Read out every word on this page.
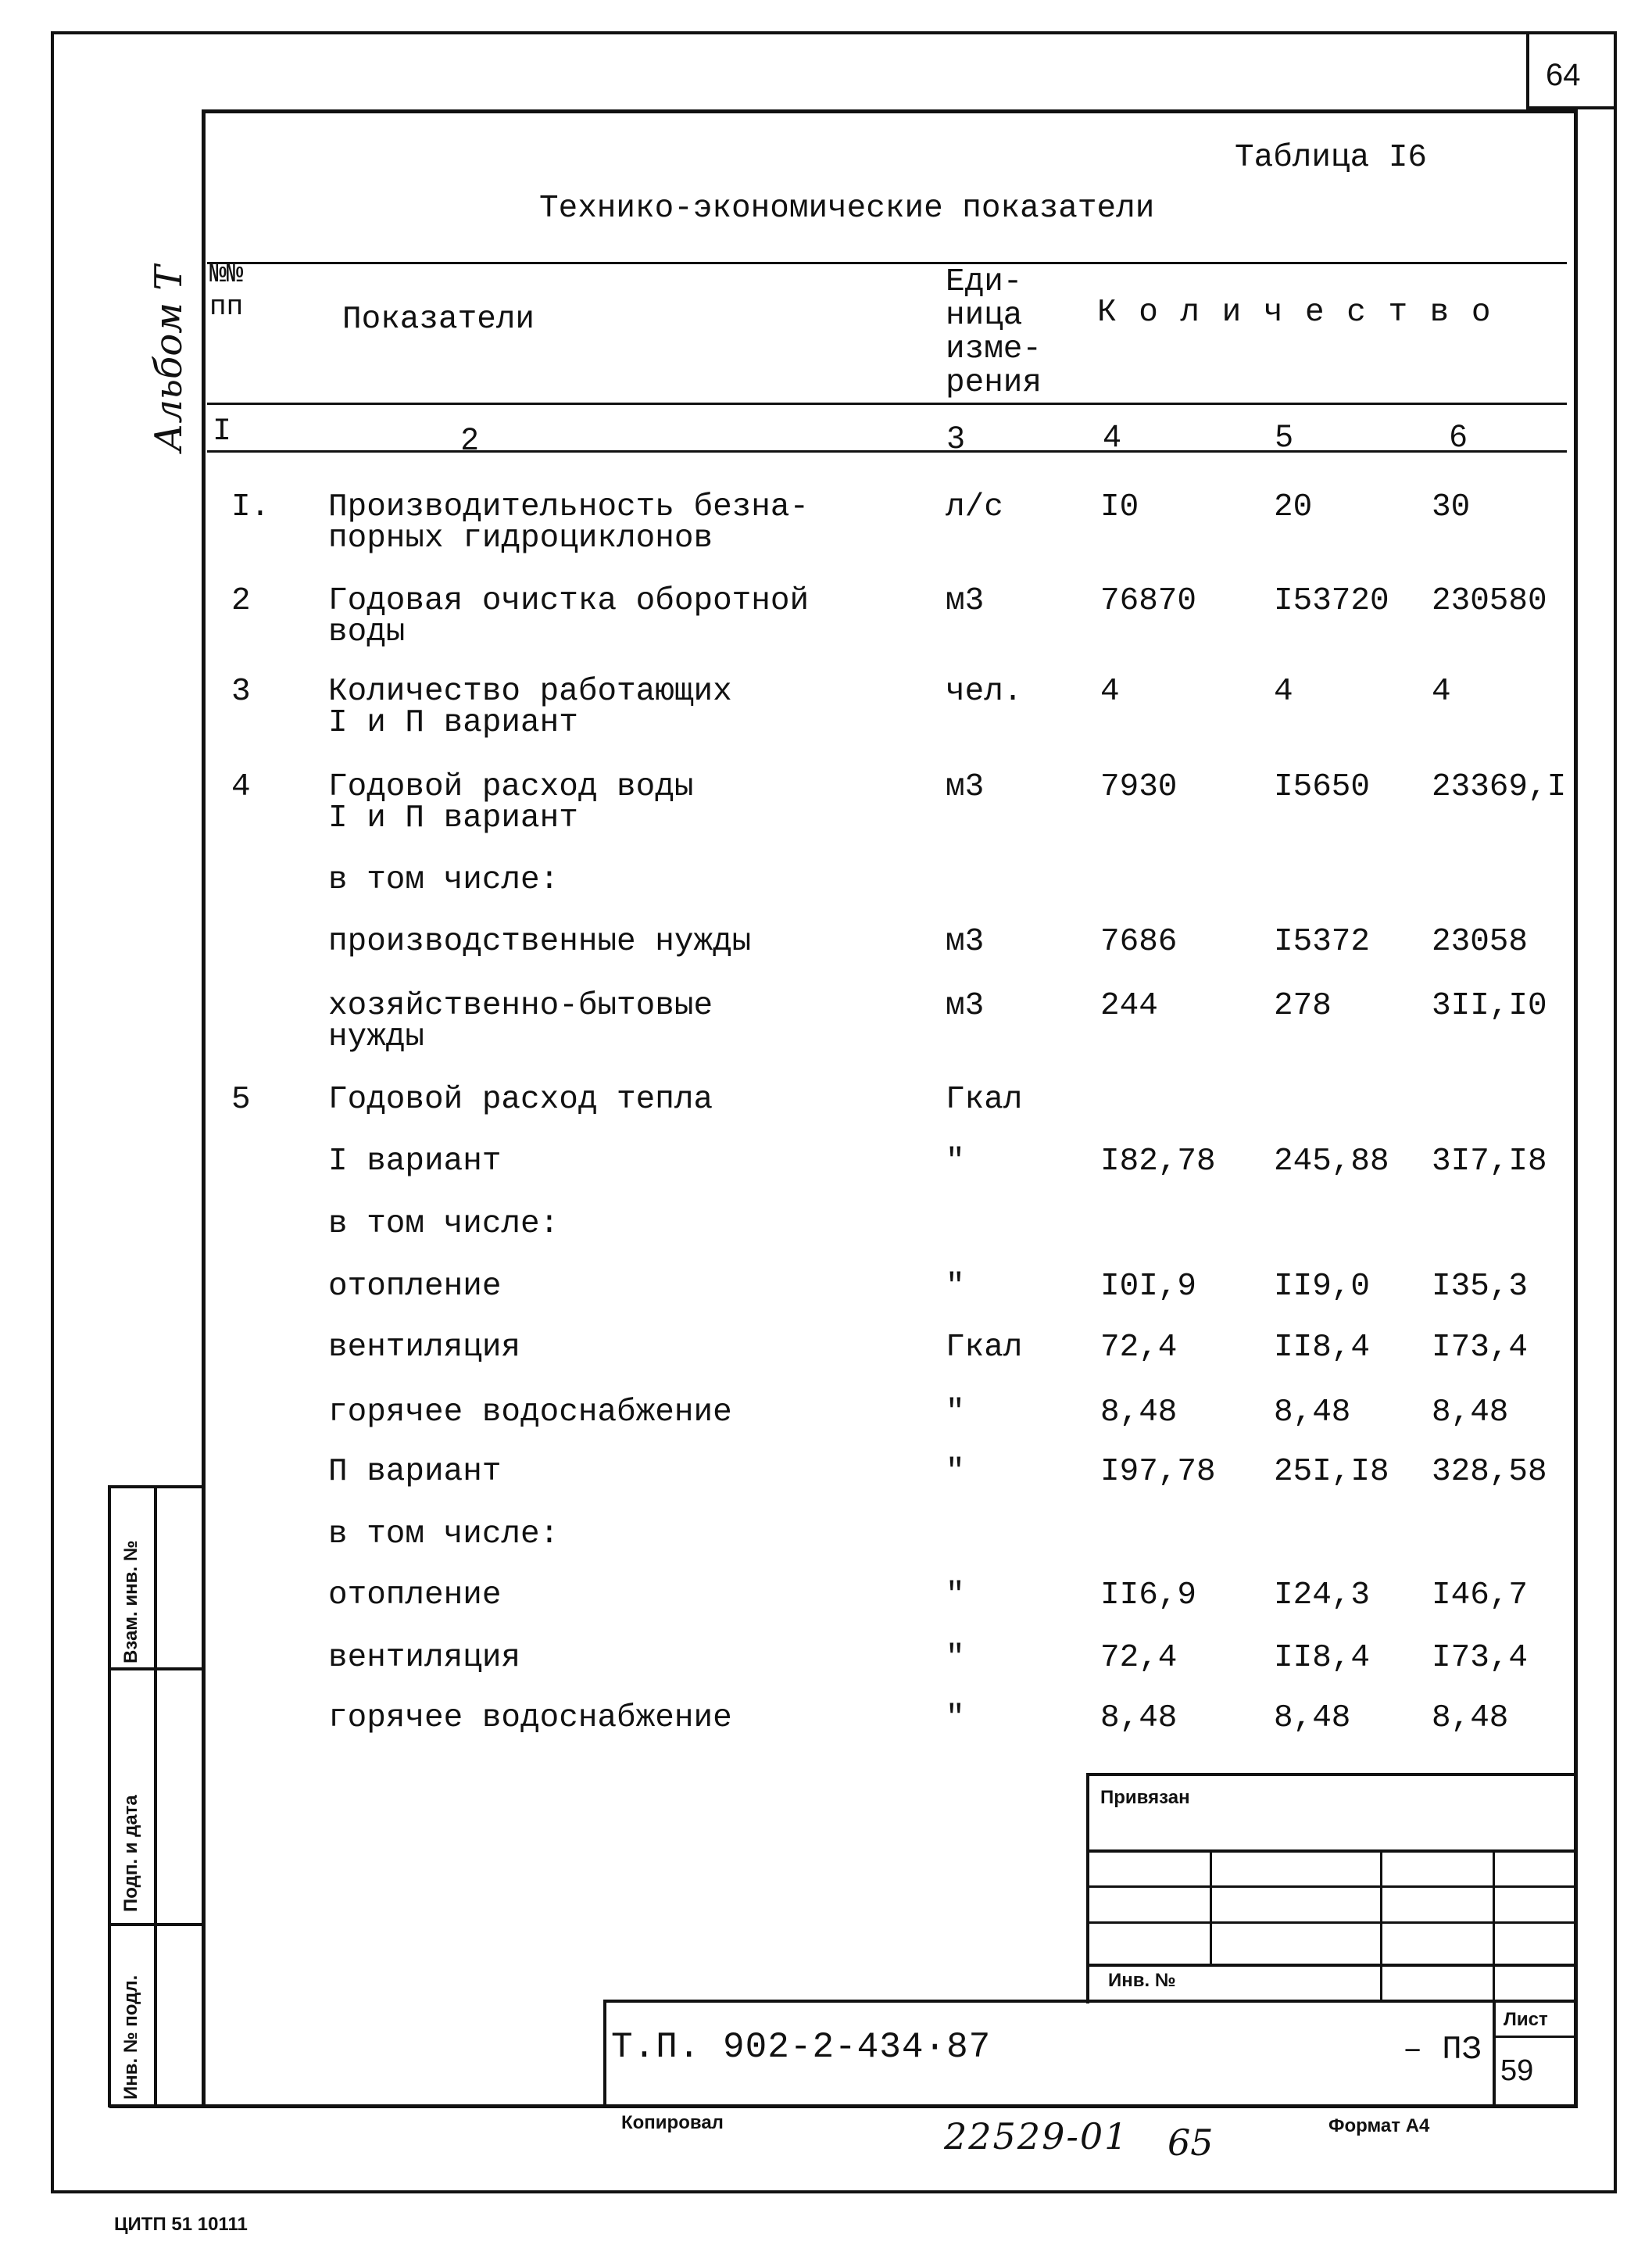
64
Альбом Т
Таблица I6
Технико-экономические показатели
№№
пп	Показатели
Еди-
ница
изме-
рения
К о л и ч е с т в о
I	2	3	4	5	6
I. Производительность безна-
порных гидроциклонов
л/с	I0	20	30
2 Годовая очистка оборотной
воды
м3	76870 I53720 230580
3 Количество работающих
I и П вариант
чел. 4	4	4
4 Годовой расход воды
I и П вариант
м3	7930	I5650 23369,I
в том числе:
производственные нужды	м3	7686	I5372 23058
хозяйственно-бытовые
нужды
м3	244	278	3II,I0
5 Годовой расход тепла	Гкал
I вариант	"	I82,78 245,88 3I7,I8
в том числе:
отопление	"	I0I,9 II9,0 I35,3
вентиляция	Гкал 72,4	II8,4 I73,4
горячее водоснабжение	"	8,48	8,48	8,48
П вариант	"	I97,78 25I,I8 328,58
в том числе:
отопление	"	II6,9 I24,3 I46,7
вентиляция	"	72,4	II8,4 I73,4
горячее водоснабжение	"	8,48	8,48	8,48
Взам. инв. №
Подп. и дата
Инв. № подл.
Привязан
Инв. №
Т.П. 902-2-434·87	– ПЗ
Лист
59
Копировал	22529-01 65	Формат А4
ЦИТП 51 10111
